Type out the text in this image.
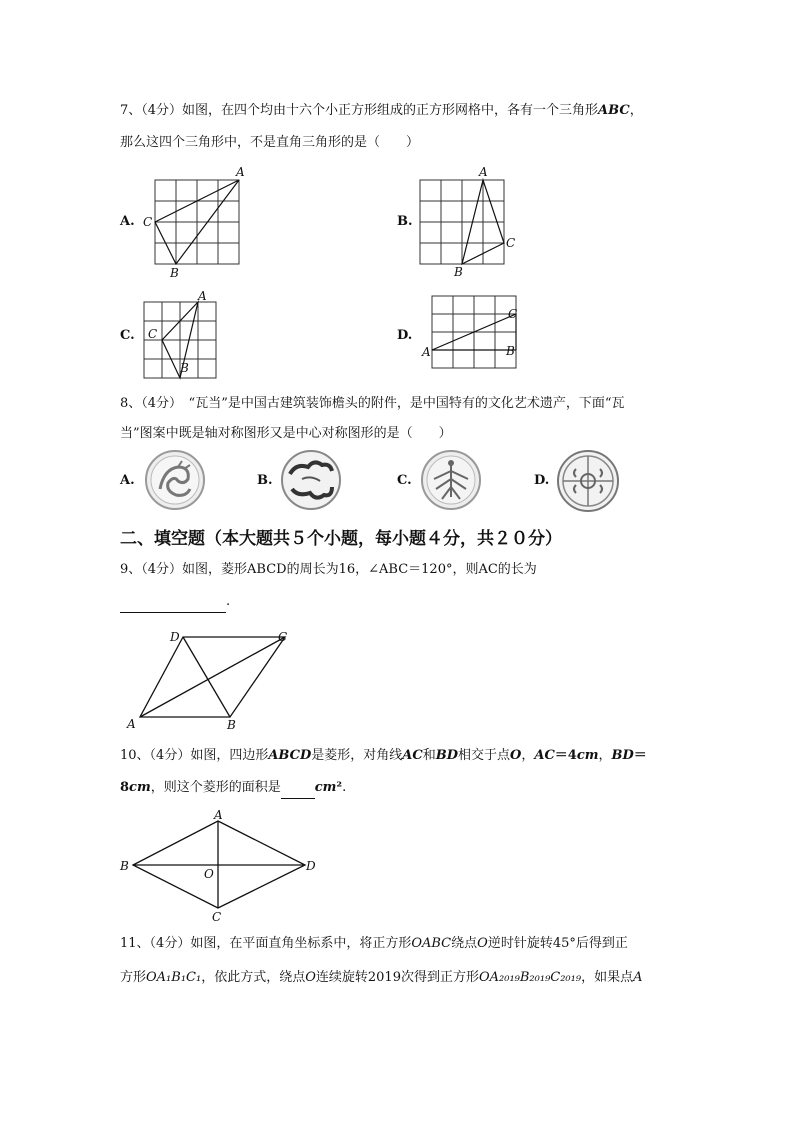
7、（4分）如图，在四个均由十六个小正方形组成的正方形网格中，各有一个三角形ABC，
那么这四个三角形中，不是直角三角形的是（　　）
A.
A
C
B
B.
A
C
B
C.
A
C
B
D.
A
C
B
8、（4分）　“瓦当”是中国古建筑装饰檐头的附件，是中国特有的文化艺术遗产，下面“瓦
当”图案中既是轴对称图形又是中心对称图形的是（　　）
A.	B.	C.	D.
二、填空题（本大题共５个小题，每小题４分，共２０分）
9、（4分）如图，菱形ABCD的周长为16，∠ABC＝120°，则AC的长为
.
D	C
A	B
10、（4分）如图，四边形ABCD是菱形，对角线AC和BD相交于点O，AC＝4cm，BD＝
8cm，则这个菱形的面积是	cm².
A
B	D
O
C
11、（4分）如图，在平面直角坐标系中，将正方形OABC绕点O逆时针旋转45°后得到正
方形OA₁B₁C₁，依此方式，绕点O连续旋转2019次得到正方形OA₂₀₁₉B₂₀₁₉C₂₀₁₉，如果点A
